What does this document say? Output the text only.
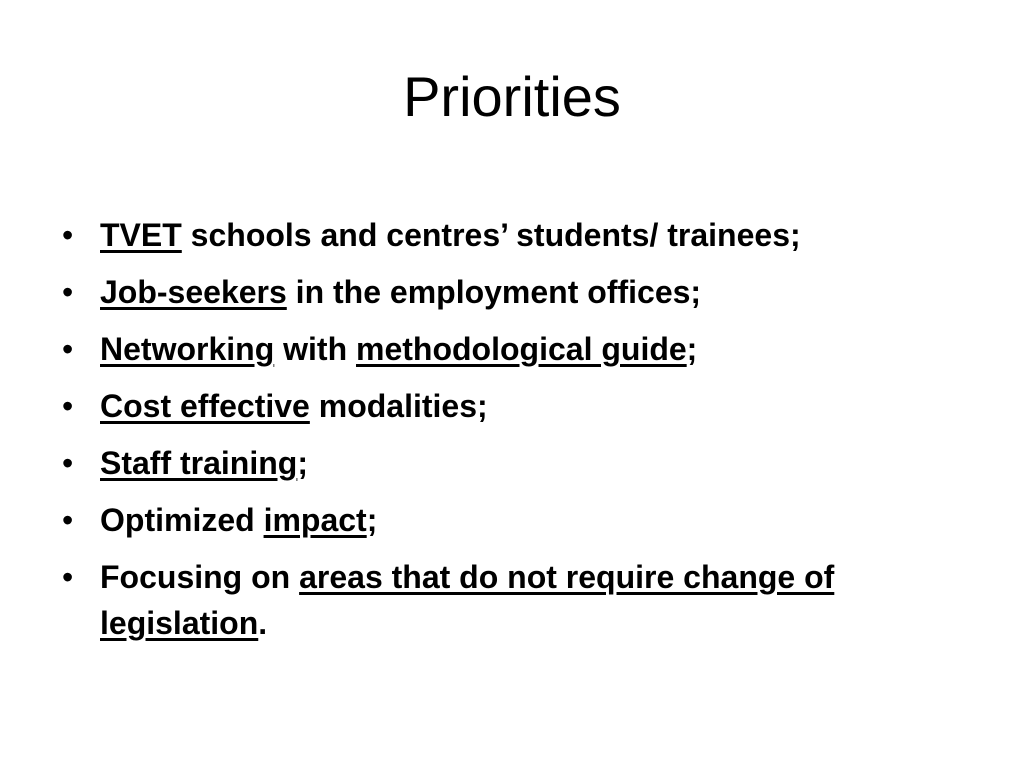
Priorities
• TVET schools and centres’ students/ trainees;
• Job-seekers in the employment offices;
• Networking with methodological guide;
• Cost effective modalities;
• Staff training;
• Optimized impact;
• Focusing on areas that do not require change of legislation.
